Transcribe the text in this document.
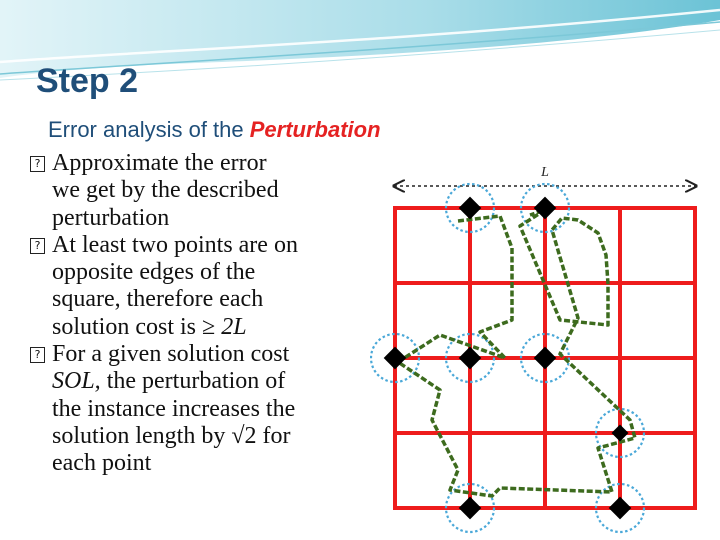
Step 2
Error analysis of the Perturbation
? Approximate the error
we get by the described
perturbation
? At least two points are on
opposite edges of the
square, therefore each
solution cost is ≥ 2L
? For a given solution cost
SOL, the perturbation of
the instance increases the
solution length by √2 for
each point
L
